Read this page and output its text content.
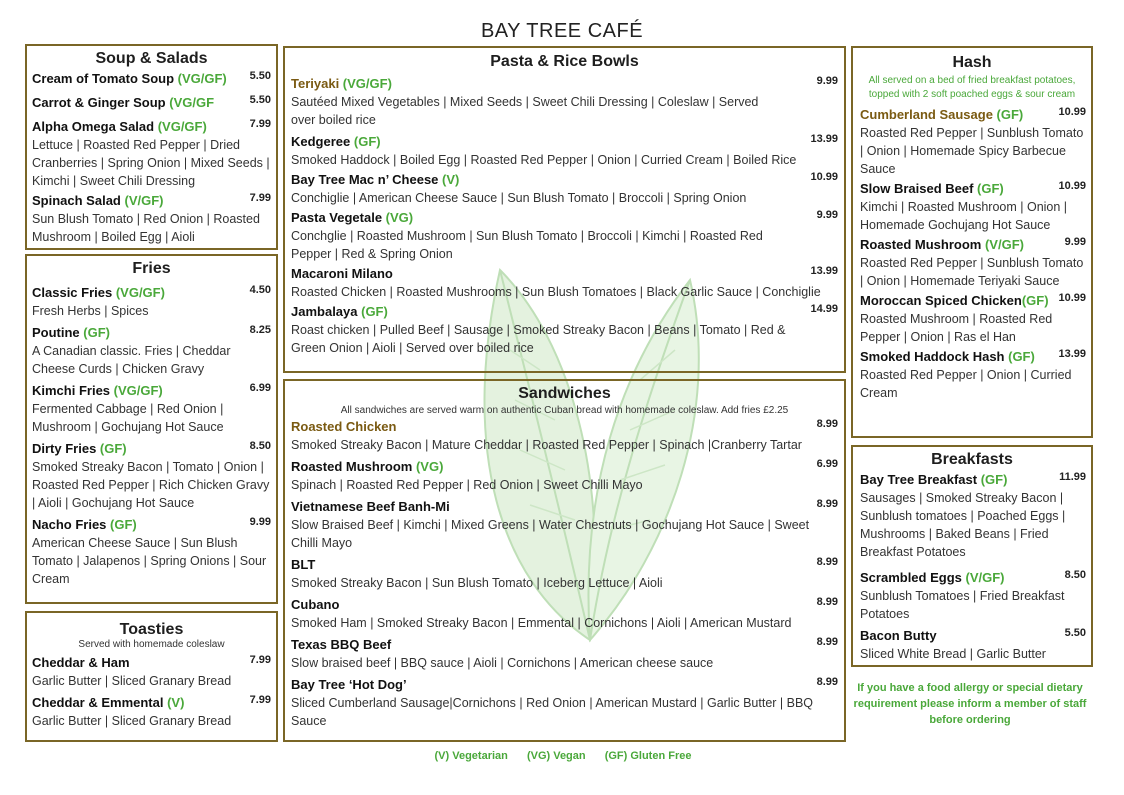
BAY TREE CAFÉ
Soup & Salads
Cream of Tomato Soup (VG/GF) 5.50
Carrot & Ginger Soup (VG/GF	5.50
Alpha Omega Salad (VG/GF)	7.99
Lettuce | Roasted Red Pepper | Dried Cranberries | Spring Onion | Mixed Seeds | Kimchi | Sweet Chili Dressing
Spinach Salad (V/GF)	7.99
Sun Blush Tomato | Red Onion | Roasted Mushroom | Boiled Egg | Aioli
Fries
Classic Fries (VG/GF)	4.50
Fresh Herbs | Spices
Poutine (GF)	8.25
A Canadian classic. Fries | Cheddar Cheese Curds | Chicken Gravy
Kimchi Fries (VG/GF)	6.99
Fermented Cabbage | Red Onion | Mushroom | Gochujang Hot Sauce
Dirty Fries (GF)	8.50
Smoked Streaky Bacon | Tomato | Onion | Roasted Red Pepper | Rich Chicken Gravy | Aioli | Gochujang Hot Sauce
Nacho Fries (GF)	9.99
American Cheese Sauce | Sun Blush Tomato | Jalapenos | Spring Onions | Sour Cream
Toasties
Served with homemade coleslaw
Cheddar & Ham	7.99
Garlic Butter | Sliced Granary Bread
Cheddar & Emmental (V)	7.99
Garlic Butter | Sliced Granary Bread
Pasta & Rice Bowls
Teriyaki (VG/GF)	9.99
Sautéed Mixed Vegetables | Mixed Seeds | Sweet Chili Dressing | Coleslaw | Served over boiled rice
Kedgeree (GF)	13.99
Smoked Haddock | Boiled Egg | Roasted Red Pepper | Onion | Curried Cream | Boiled Rice
Bay Tree Mac n’ Cheese (V)	10.99
Conchiglie | American Cheese Sauce | Sun Blush Tomato | Broccoli | Spring Onion
Pasta Vegetale (VG)	9.99
Conchglie | Roasted Mushroom | Sun Blush Tomato | Broccoli | Kimchi | Roasted Red Pepper | Red & Spring Onion
Macaroni Milano	13.99
Roasted Chicken | Roasted Mushrooms | Sun Blush Tomatoes | Black Garlic Sauce | Conchiglie
Jambalaya (GF)	14.99
Roast chicken | Pulled Beef | Sausage | Smoked Streaky Bacon | Beans | Tomato | Red & Green Onion | Aioli | Served over boiled rice
Sandwiches
All sandwiches are served warm on authentic Cuban bread with homemade coleslaw. Add fries £2.25
Roasted Chicken	8.99
Smoked Streaky Bacon | Mature Cheddar | Roasted Red Pepper | Spinach |Cranberry Tartar
Roasted Mushroom (VG)	6.99
Spinach | Roasted Red Pepper | Red Onion | Sweet Chilli Mayo
Vietnamese Beef Banh-Mi	8.99
Slow Braised Beef | Kimchi | Mixed Greens | Water Chestnuts | Gochujang Hot Sauce | Sweet Chilli Mayo
BLT	8.99
Smoked Streaky Bacon | Sun Blush Tomato | Iceberg Lettuce | Aioli
Cubano	8.99
Smoked Ham | Smoked Streaky Bacon | Emmental | Cornichons | Aioli | American Mustard
Texas BBQ Beef	8.99
Slow braised beef | BBQ sauce | Aioli | Cornichons | American cheese sauce
Bay Tree ‘Hot Dog’	8.99
Sliced Cumberland Sausage|Cornichons | Red Onion | American Mustard | Garlic Butter | BBQ Sauce
Hash
All served on a bed of fried breakfast potatoes, topped with 2 soft poached eggs & sour cream
Cumberland Sausage (GF)	10.99
Roasted Red Pepper | Sunblush Tomato | Onion | Homemade Spicy Barbecue Sauce
Slow Braised Beef (GF)	10.99
Kimchi | Roasted Mushroom | Onion | Homemade Gochujang Hot Sauce
Roasted Mushroom (V/GF)	9.99
Roasted Red Pepper | Sunblush Tomato | Onion | Homemade Teriyaki Sauce
Moroccan Spiced Chicken(GF) 10.99
Roasted Mushroom | Roasted Red Pepper | Onion | Ras el Han
Smoked Haddock Hash (GF) 13.99
Roasted Red Pepper | Onion | Curried Cream
Breakfasts
Bay Tree Breakfast (GF)	11.99
Sausages | Smoked Streaky Bacon | Sunblush tomatoes | Poached Eggs | Mushrooms | Baked Beans | Fried Breakfast Potatoes
Scrambled Eggs (V/GF)	8.50
Sunblush Tomatoes | Fried Breakfast Potatoes
Bacon Butty	5.50
Sliced White Bread | Garlic Butter
If you have a food allergy or special dietary requirement please inform a member of staff before ordering
(V) Vegetarian (VG) Vegan (GF) Gluten Free
